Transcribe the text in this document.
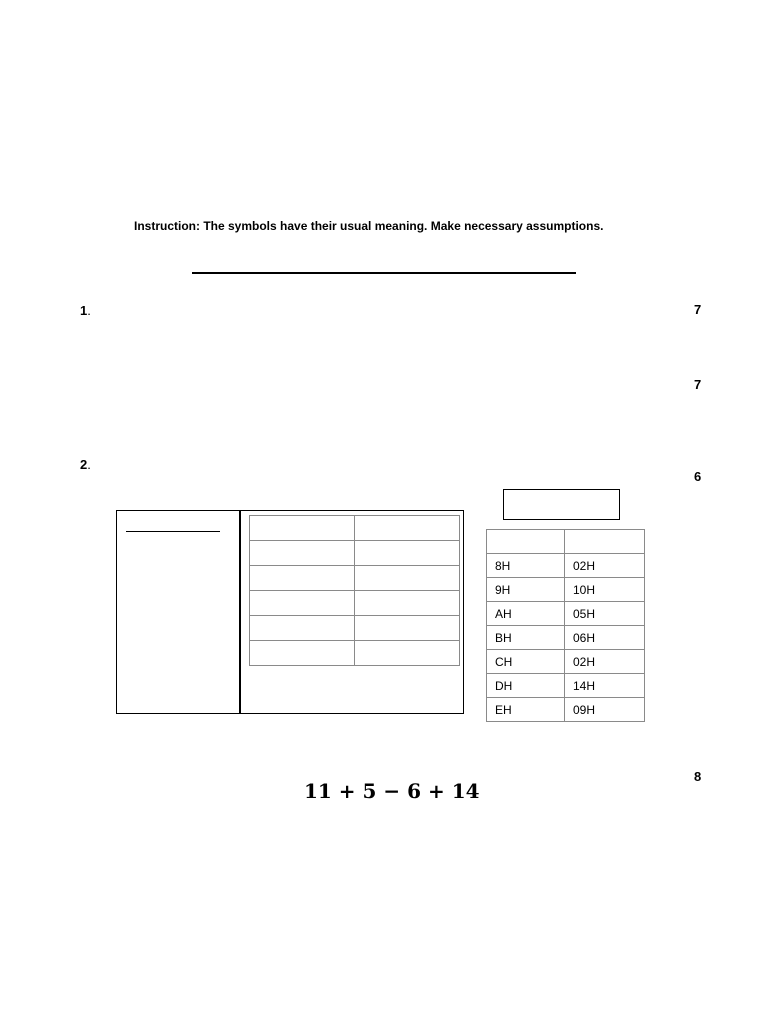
Instruction: The symbols have their usual meaning. Make necessary assumptions.
1.
2.
7
7
6
8

8H	02H
9H	10H
AH	05H
BH	06H
CH	02H
DH	14H
EH	09H
11 + 5 − 6 + 14
